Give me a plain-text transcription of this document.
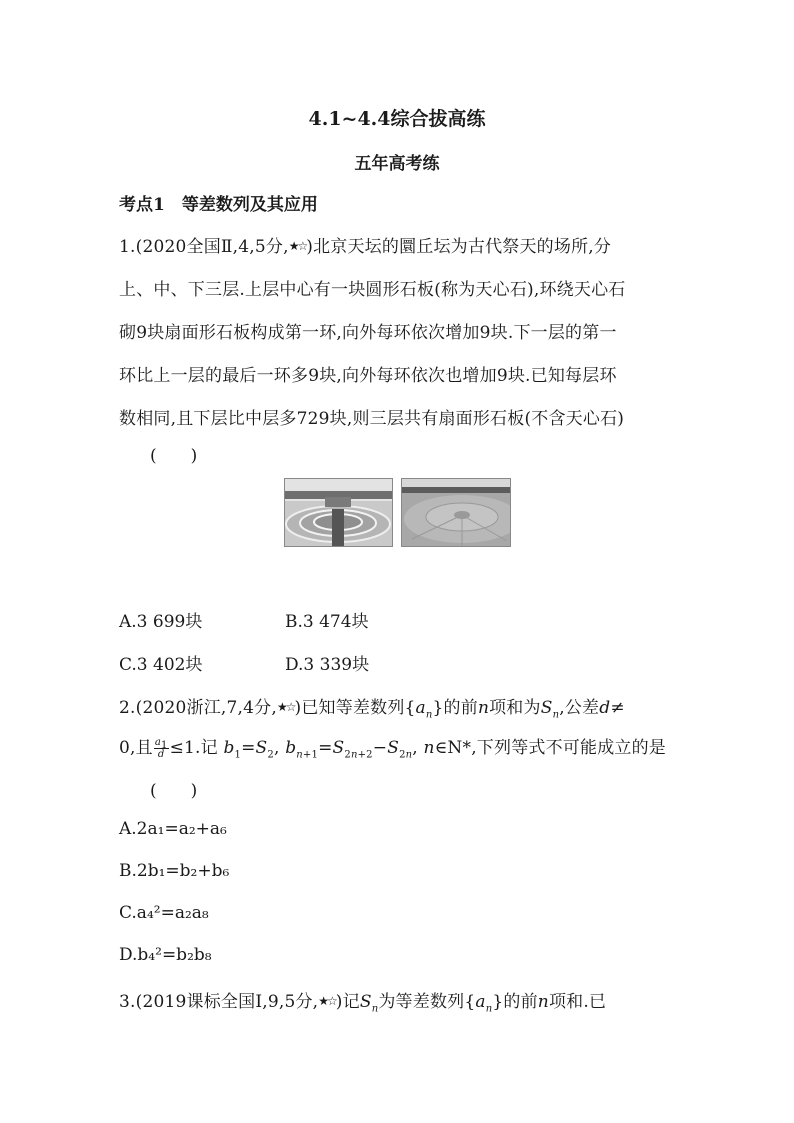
4.1~4.4综合拔高练
五年高考练
考点1　等差数列及其应用
1.(2020全国Ⅱ,4,5分,★☆)北京天坛的圜丘坛为古代祭天的场所,分
上、中、下三层.上层中心有一块圆形石板(称为天心石),环绕天心石
砌9块扇面形石板构成第一环,向外每环依次增加9块.下一层的第一
环比上一层的最后一环多9块,向外每环依次也增加9块.已知每层环
数相同,且下层比中层多729块,则三层共有扇面形石板(不含天心石)
(　　)
A.3 699块	B.3 474块
C.3 402块	D.3 339块
2.(2020浙江,7,4分,★☆)已知等差数列$\{a_n\}$的前n项和为$S_n$,公差d≠
0,且 $\frac{a_1}{d} \le 1$.记 $b_1=S_2$, $b_{n+1}=S_{2n+2}-S_{2n}$, n∈N*,下列等式不可能成立的是
(　　)
A.2a₁=a₂+a₆
B.2b₁=b₂+b₆
C.a₄²=a₂a₈
D.b₄²=b₂b₈
3.(2019课标全国Ⅰ,9,5分,★☆)记$S_n$为等差数列$\{a_n\}$的前n项和.已
